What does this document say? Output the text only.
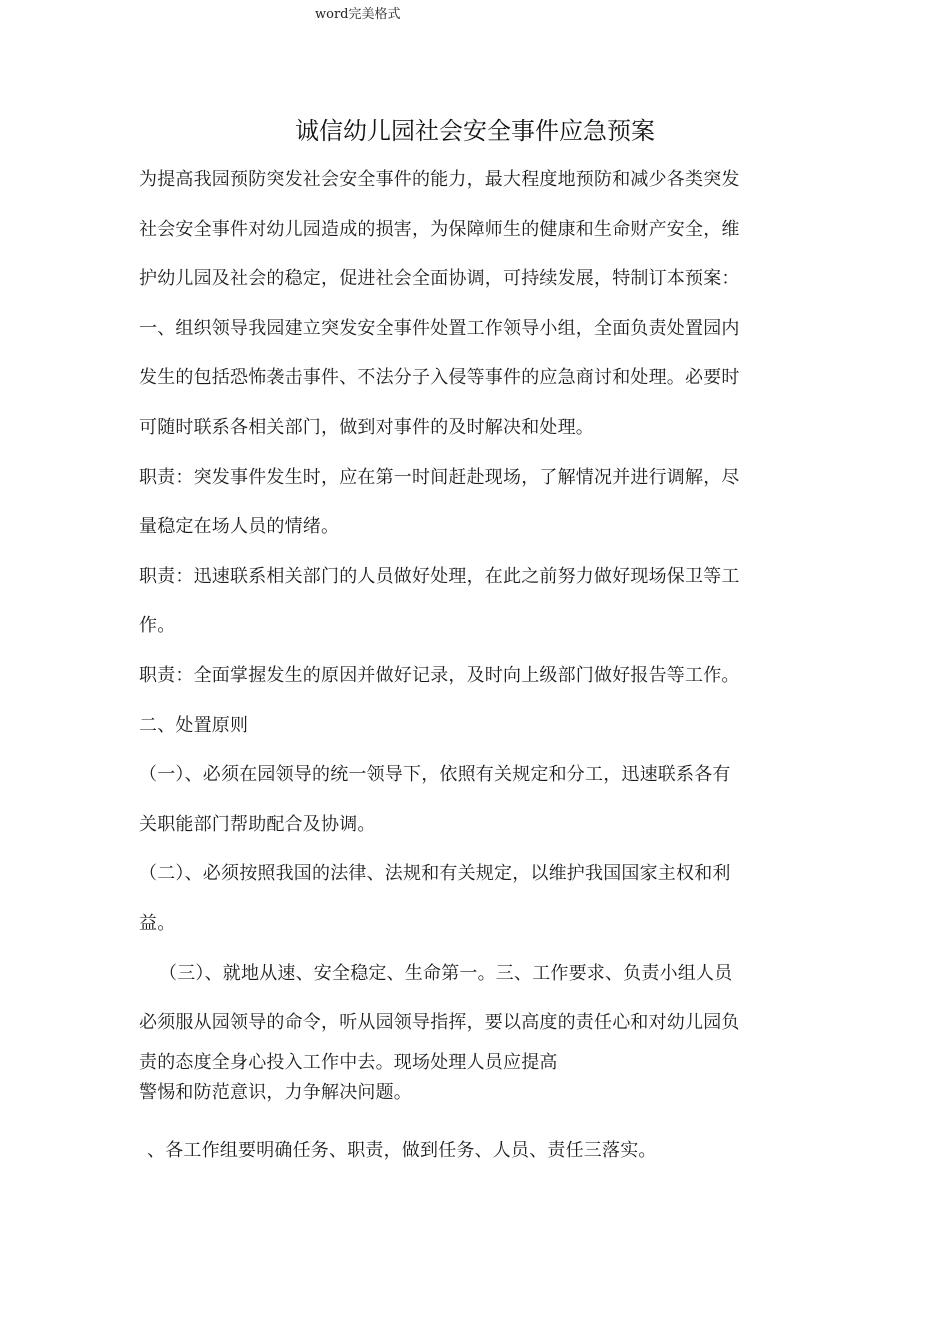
word完美格式
诚信幼儿园社会安全事件应急预案
为提高我园预防突发社会安全事件的能力，最大程度地预防和减少各类突发
社会安全事件对幼儿园造成的损害，为保障师生的健康和生命财产安全，维
护幼儿园及社会的稳定，促进社会全面协调，可持续发展，特制订本预案：
一、组织领导我园建立突发安全事件处置工作领导小组，全面负责处置园内
发生的包括恐怖袭击事件、不法分子入侵等事件的应急商讨和处理。必要时
可随时联系各相关部门，做到对事件的及时解决和处理。
职责：突发事件发生时，应在第一时间赶赴现场，了解情况并进行调解，尽
量稳定在场人员的情绪。
职责：迅速联系相关部门的人员做好处理，在此之前努力做好现场保卫等工
作。
职责：全面掌握发生的原因并做好记录，及时向上级部门做好报告等工作。
二、处置原则
（一）、必须在园领导的统一领导下，依照有关规定和分工，迅速联系各有
关职能部门帮助配合及协调。
（二）、必须按照我国的法律、法规和有关规定，以维护我国国家主权和利
益。
（三）、就地从速、安全稳定、生命第一。三、工作要求、负责小组人员
必须服从园领导的命令，听从园领导指挥，要以高度的责任心和对幼儿园负
责的态度全身心投入工作中去。现场处理人员应提高
警惕和防范意识，力争解决问题。
、各工作组要明确任务、职责，做到任务、人员、责任三落实。
